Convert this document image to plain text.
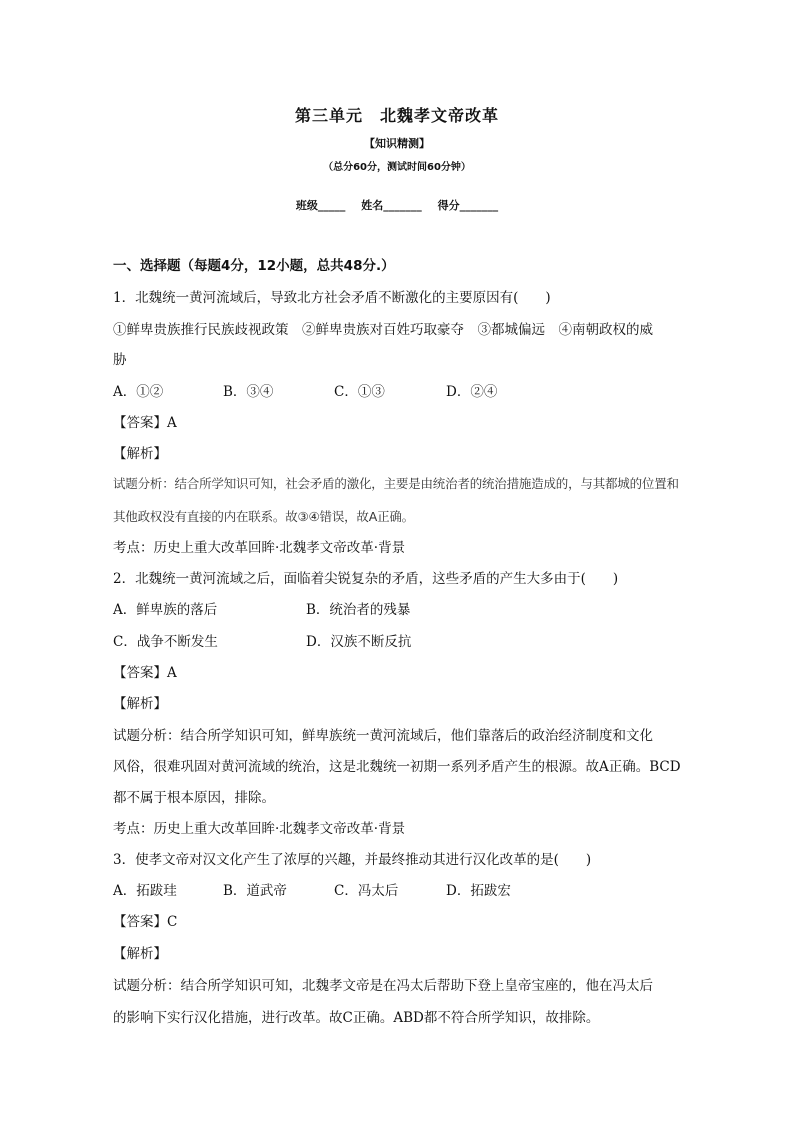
第三单元　北魏孝文帝改革
【知识精测】
（总分60分，测试时间60分钟）
班级_____ 姓名_______ 得分_______
一、选择题（每题4分，12小题，总共48分.）
1．北魏统一黄河流域后，导致北方社会矛盾不断激化的主要原因有(　　)
①鲜卑贵族推行民族歧视政策　②鲜卑贵族对百姓巧取豪夺　③都城偏远　④南朝政权的威
胁
A．①②	B．③④	C．①③	D．②④
【答案】A
【解析】
试题分析：结合所学知识可知，社会矛盾的激化，主要是由统治者的统治措施造成的，与其都城的位置和
其他政权没有直接的内在联系。故③④错误，故A正确。
考点：历史上重大改革回眸·北魏孝文帝改革·背景
2．北魏统一黄河流域之后，面临着尖锐复杂的矛盾，这些矛盾的产生大多由于(　　)
A．鲜卑族的落后	B．统治者的残暴
C．战争不断发生	D．汉族不断反抗
【答案】A
【解析】
试题分析：结合所学知识可知，鲜卑族统一黄河流域后，他们靠落后的政治经济制度和文化
风俗，很难巩固对黄河流域的统治，这是北魏统一初期一系列矛盾产生的根源。故A正确。BCD
都不属于根本原因，排除。
考点：历史上重大改革回眸·北魏孝文帝改革·背景
3．使孝文帝对汉文化产生了浓厚的兴趣，并最终推动其进行汉化改革的是(　　)
A．拓跋珪	B．道武帝	C．冯太后	D．拓跋宏
【答案】C
【解析】
试题分析：结合所学知识可知，北魏孝文帝是在冯太后帮助下登上皇帝宝座的，他在冯太后
的影响下实行汉化措施，进行改革。故C正确。ABD都不符合所学知识，故排除。
